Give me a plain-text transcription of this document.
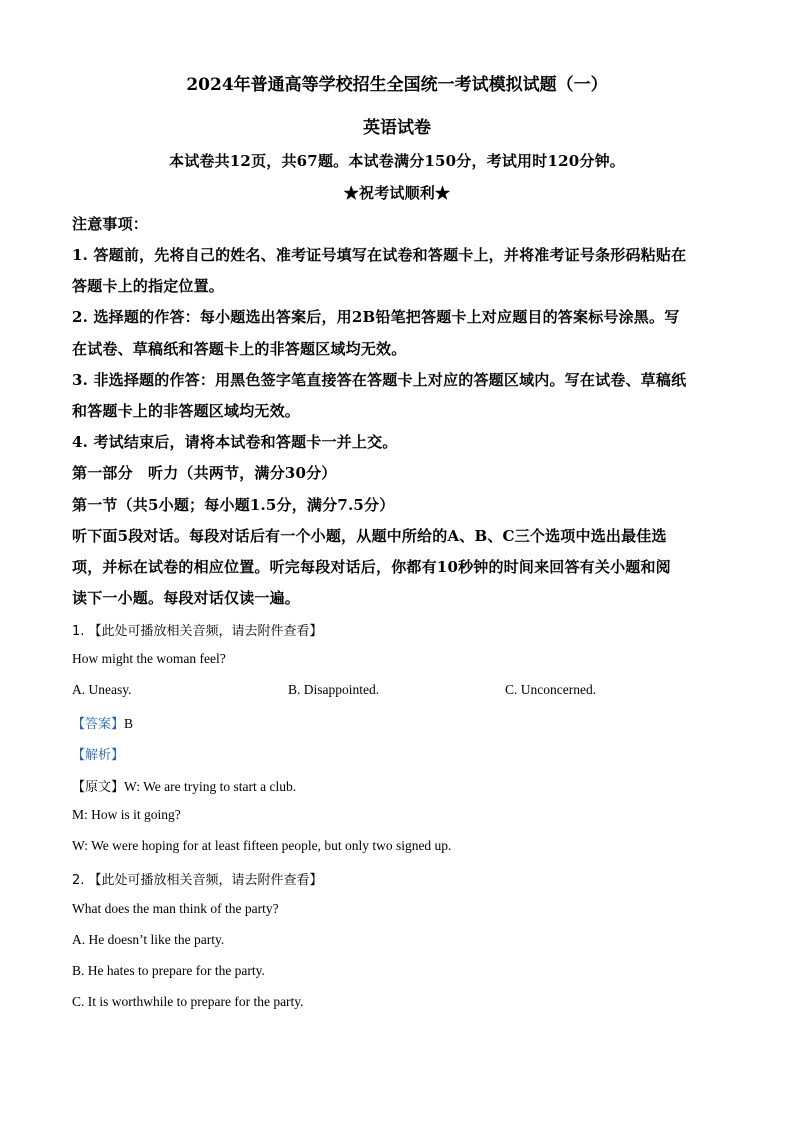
2024年普通高等学校招生全国统一考试模拟试题（一）
英语试卷
本试卷共12页，共67题。本试卷满分150分，考试用时120分钟。
★祝考试顺利★
注意事项：
1. 答题前，先将自己的姓名、准考证号填写在试卷和答题卡上，并将准考证号条形码粘贴在
答题卡上的指定位置。
2. 选择题的作答：每小题选出答案后，用2B铅笔把答题卡上对应题目的答案标号涂黑。写
在试卷、草稿纸和答题卡上的非答题区域均无效。
3. 非选择题的作答：用黑色签字笔直接答在答题卡上对应的答题区域内。写在试卷、草稿纸
和答题卡上的非答题区域均无效。
4. 考试结束后，请将本试卷和答题卡一并上交。
第一部分　听力（共两节，满分30分）
第一节（共5小题；每小题1.5分，满分7.5分）
听下面5段对话。每段对话后有一个小题，从题中所给的A、B、C三个选项中选出最佳选
项，并标在试卷的相应位置。听完每段对话后，你都有10秒钟的时间来回答有关小题和阅
读下一小题。每段对话仅读一遍。
1. 【此处可播放相关音频，请去附件查看】
How might the woman feel?
A. Uneasy.	B. Disappointed.	C. Unconcerned.
【答案】B
【解析】
【原文】W: We are trying to start a club.
M: How is it going?
W: We were hoping for at least fifteen people, but only two signed up.
2. 【此处可播放相关音频，请去附件查看】
What does the man think of the party?
A. He doesn’t like the party.
B. He hates to prepare for the party.
C. It is worthwhile to prepare for the party.
